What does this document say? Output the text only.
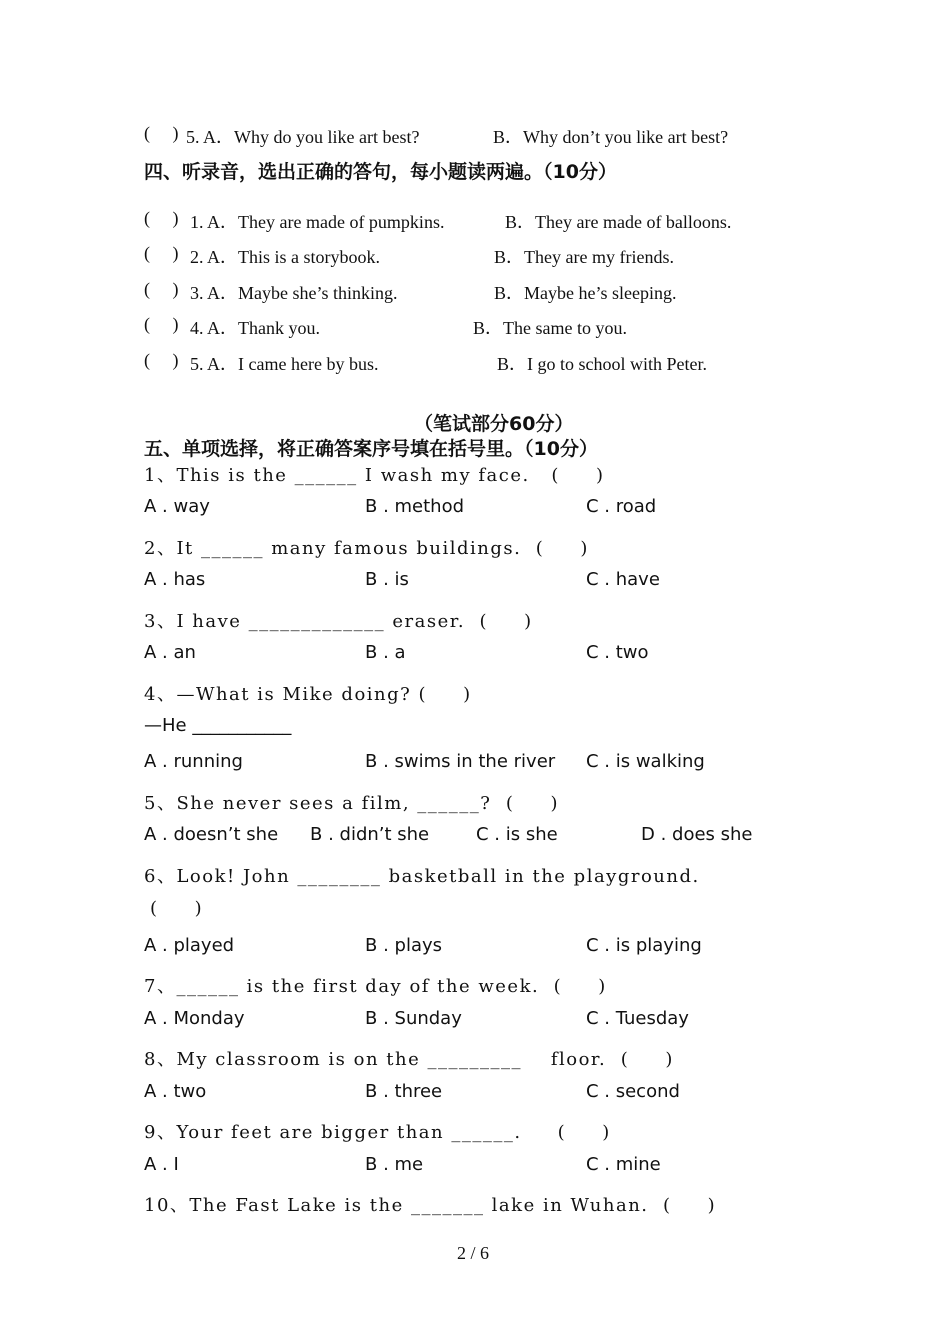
(     ) 5. A．Why do you like art best?	B．Why don’t you like art best?
四、听录音，选出正确的答句，每小题读两遍。（10分）
(     ) 1. A．They are made of pumpkins.	B．They are made of balloons.
(     ) 2. A．This is a storybook.	B．They are my friends.
(     ) 3. A．Maybe she’s thinking.	B．Maybe he’s sleeping.
(     ) 4. A．Thank you.	B．The same to you.
(     ) 5. A．I came here by bus.	B．I go to school with Peter.
（笔试部分60分）
五、单项选择，将正确答案序号填在括号里。（10分）
1、This is the ______ I wash my face.   (     )
A . way	B . method	C . road
2、It ______ many famous buildings.  (     )
A . has	B . is	C . have
3、I have _____________ eraser.  (     )
A . an	B . a	C . two
4、—What is Mike doing? (     )
—He ___________
A . running	B . swims in the river C . is walking
5、She never sees a film, ______?  (     )
A . doesn’t she B . didn’t she	C . is she	D . does she
6、Look! John ________ basketball in the playground.
(     )
A . played	B . plays	C . is playing
7、______ is the first day of the week.  (     )
A . Monday	B . Sunday	C . Tuesday
8、My classroom is on the _________    floor.  (     )
A . two	B . three	C . second
9、Your feet are bigger than ______.     (     )
A . I	B . me	C . mine
10、The Fast Lake is the _______ lake in Wuhan.  (     )
2 / 6
